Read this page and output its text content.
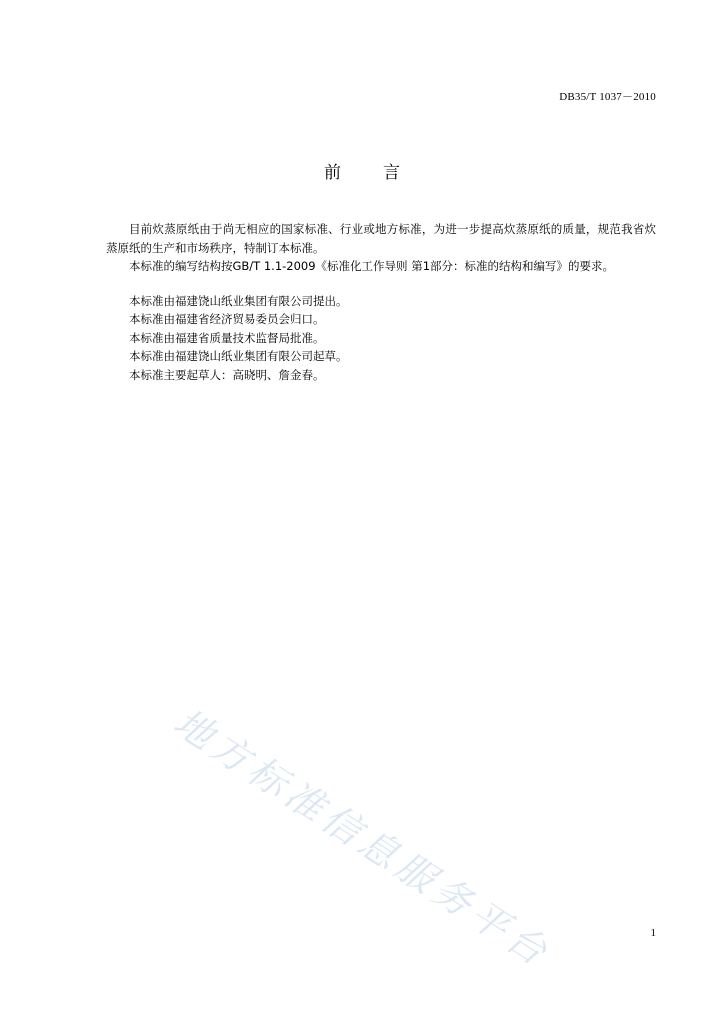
DB35/T 1037－2010
前言

目前炊蒸原纸由于尚无相应的国家标准、行业或地方标准，为进一步提高炊蒸原纸的质量，规范我省炊蒸原纸的生产和市场秩序，特制订本标准。

本标准的编写结构按GB/T 1.1-2009《标准化工作导则 第1部分：标准的结构和编写》的要求。

本标准由福建饶山纸业集团有限公司提出。

本标准由福建省经济贸易委员会归口。

本标准由福建省质量技术监督局批准。

本标准由福建饶山纸业集团有限公司起草。

本标准主要起草人：高晓明、詹金春。

地方标准信息服务平台	1
